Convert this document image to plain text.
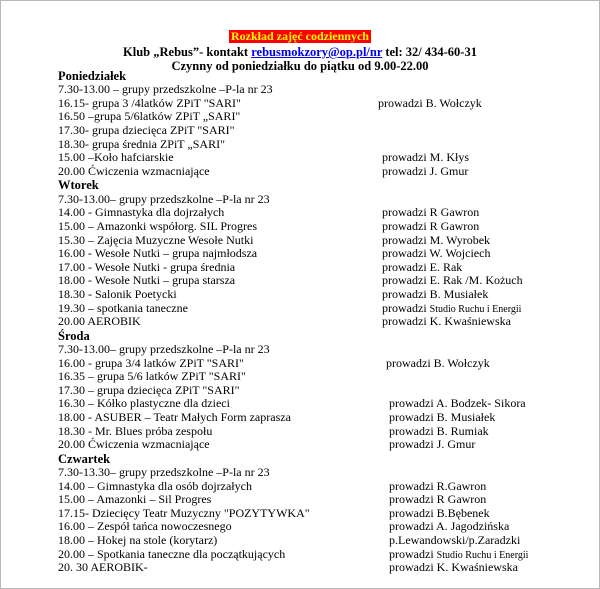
Rozkład zajęć codziennych
Klub „Rebus”- kontakt rebusmokzory@op.pl/nr tel: 32/ 434-60-31
Czynny od poniedziałku do piątku od 9.00-22.00
Poniedziałek
7.30-13.00 – grupy przedszkolne –P-la nr 23
16.15- grupa 3 /4latków ZPiT "SARI"	prowadzi B. Wołczyk
16.50 –grupa 5/6latków ZPiT „SARI"
17.30- grupa dziecięca ZPiT "SARI"
18.30- grupa średnia ZPiT „SARI"
15.00 –Koło hafciarskie	prowadzi M. Kłys
20.00 Ćwiczenia wzmacniające	prowadzi J. Gmur
Wtorek
7.30-13.00– grupy przedszkolne –P-la nr 23
14.00 - Gimnastyka dla dojrzałych	prowadzi R Gawron
15.00 – Amazonki współorg. SIL Progres	prowadzi R Gawron
15.30 – Zajęcia Muzyczne Wesołe Nutki	prowadzi M. Wyrobek
16.00 - Wesołe Nutki – grupa najmłodsza	prowadzi W. Wojciech
17.00 - Wesołe Nutki - grupa średnia	prowadzi E. Rak
18.00 - Wesołe Nutki – grupa starsza	prowadzi E. Rak /M. Kożuch
18.30 - Salonik Poetycki	prowadzi B. Musiałek
19.30 – spotkania taneczne	prowadzi Studio Ruchu i Energii
20.00 AEROBIK	prowadzi K. Kwaśniewska
Środa
7.30-13.00– grupy przedszkolne –P-la nr 23
16.00 - grupa 3/4 latków ZPiT "SARI"	prowadzi B. Wołczyk
16.35 – grupa 5/6 latków ZPiT "SARI"
17.30 – grupa dziecięca ZPiT "SARI"
16.30 – Kółko plastyczne dla dzieci	prowadzi A. Bodzek- Sikora
18.00 - ASUBER – Teatr Małych Form zaprasza	prowadzi B. Musiałek
18.30 - Mr. Blues próba zespołu	prowadzi B. Rumiak
20.00 Ćwiczenia wzmacniające	prowadzi J. Gmur
Czwartek
7.30-13.30– grupy przedszkolne –P-la nr 23
14.00 – Gimnastyka dla osób dojrzałych	prowadzi R.Gawron
15.00 – Amazonki – Sil Progres	prowadzi R Gawron
17.15- Dziecięcy Teatr Muzyczny "POZYTYWKA"	prowadzi B.Bębenek
16.00 – Zespół tańca nowoczesnego	prowadzi A. Jagodzińska
18.00 – Hokej na stole (korytarz)	p.Lewandowski/p.Zaradzki
20.00 – Spotkania taneczne dla początkujących	prowadzi Studio Ruchu i Energii
20. 30 AEROBIK-	prowadzi K. Kwaśniewska
